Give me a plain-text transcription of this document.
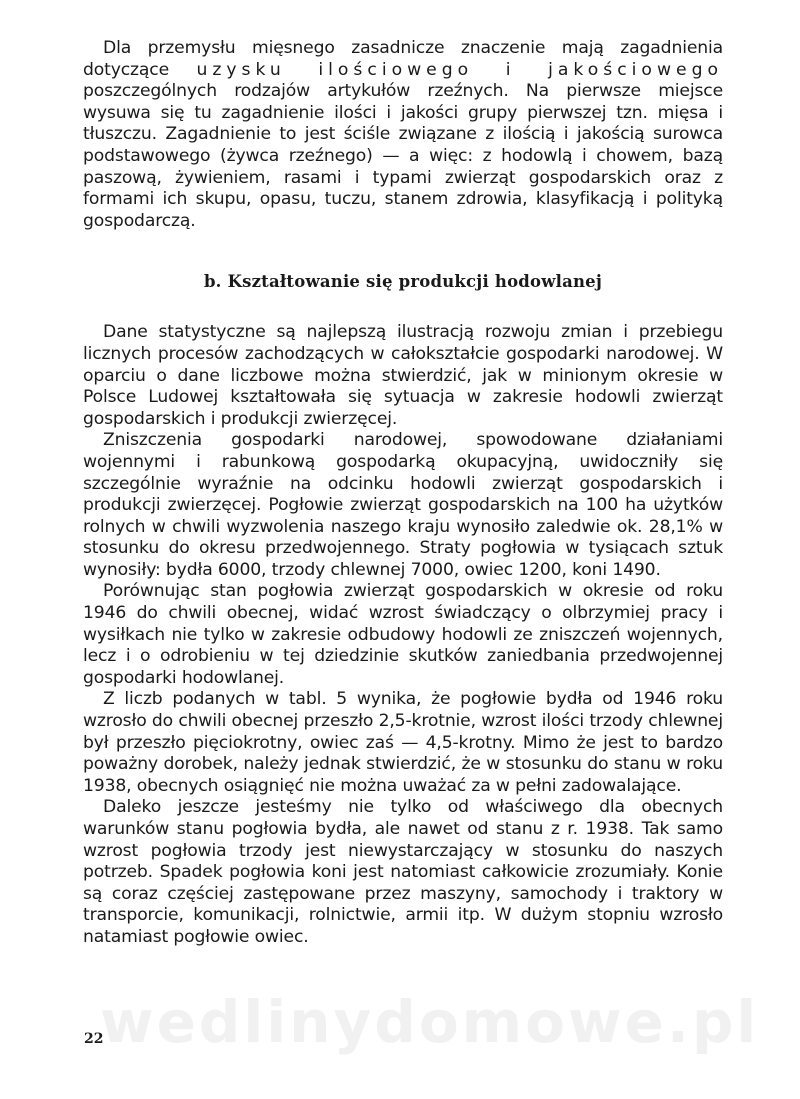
wedlinydomowe.pl

Dla przemysłu mięsnego zasadnicze znaczenie mają zagadnienia dotyczące uzysku ilościowego i jakościowego poszczególnych rodzajów artykułów rzeźnych. Na pierwsze miejsce wysuwa się tu zagadnienie ilości i jakości grupy pierwszej tzn. mięsa i tłuszczu. Zagadnienie to jest ściśle związane z ilością i jakością surowca podstawowego (żywca rzeźnego) — a więc: z hodowlą i chowem, bazą paszową, żywieniem, rasami i typami zwierząt gospodarskich oraz z formami ich skupu, opasu, tuczu, stanem zdrowia, klasyfikacją i polityką gospodarczą.

b. Kształtowanie się produkcji hodowlanej

Dane statystyczne są najlepszą ilustracją rozwoju zmian i przebiegu licznych procesów zachodzących w całokształcie gospodarki narodowej. W oparciu o dane liczbowe można stwierdzić, jak w minionym okresie w Polsce Ludowej kształtowała się sytuacja w zakresie hodowli zwierząt gospodarskich i produkcji zwierzęcej.

Zniszczenia gospodarki narodowej, spowodowane działaniami wojennymi i rabunkową gospodarką okupacyjną, uwidoczniły się szczególnie wyraźnie na odcinku hodowli zwierząt gospodarskich i produkcji zwierzęcej. Pogłowie zwierząt gospodarskich na 100 ha użytków rolnych w chwili wyzwolenia naszego kraju wynosiło zaledwie ok. 28,1% w stosunku do okresu przedwojennego. Straty pogłowia w tysiącach sztuk wynosiły: bydła 6000, trzody chlewnej 7000, owiec 1200, koni 1490.

Porównując stan pogłowia zwierząt gospodarskich w okresie od roku 1946 do chwili obecnej, widać wzrost świadczący o olbrzymiej pracy i wysiłkach nie tylko w zakresie odbudowy hodowli ze zniszczeń wojennych, lecz i o odrobieniu w tej dziedzinie skutków zaniedbania przedwojennej gospodarki hodowlanej.

Z liczb podanych w tabl. 5 wynika, że pogłowie bydła od 1946 roku wzrosło do chwili obecnej przeszło 2,5-krotnie, wzrost ilości trzody chlewnej był przeszło pięciokrotny, owiec zaś — 4,5-krotny. Mimo że jest to bardzo poważny dorobek, należy jednak stwierdzić, że w stosunku do stanu w roku 1938, obecnych osiągnięć nie można uważać za w pełni zadowalające.

Daleko jeszcze jesteśmy nie tylko od właściwego dla obecnych warunków stanu pogłowia bydła, ale nawet od stanu z r. 1938. Tak samo wzrost pogłowia trzody jest niewystarczający w stosunku do naszych potrzeb. Spadek pogłowia koni jest natomiast całkowicie zrozumiały. Konie są coraz częściej zastępowane przez maszyny, samochody i traktory w transporcie, komunikacji, rolnictwie, armii itp. W dużym stopniu wzrosło natamiast pogłowie owiec.

22
